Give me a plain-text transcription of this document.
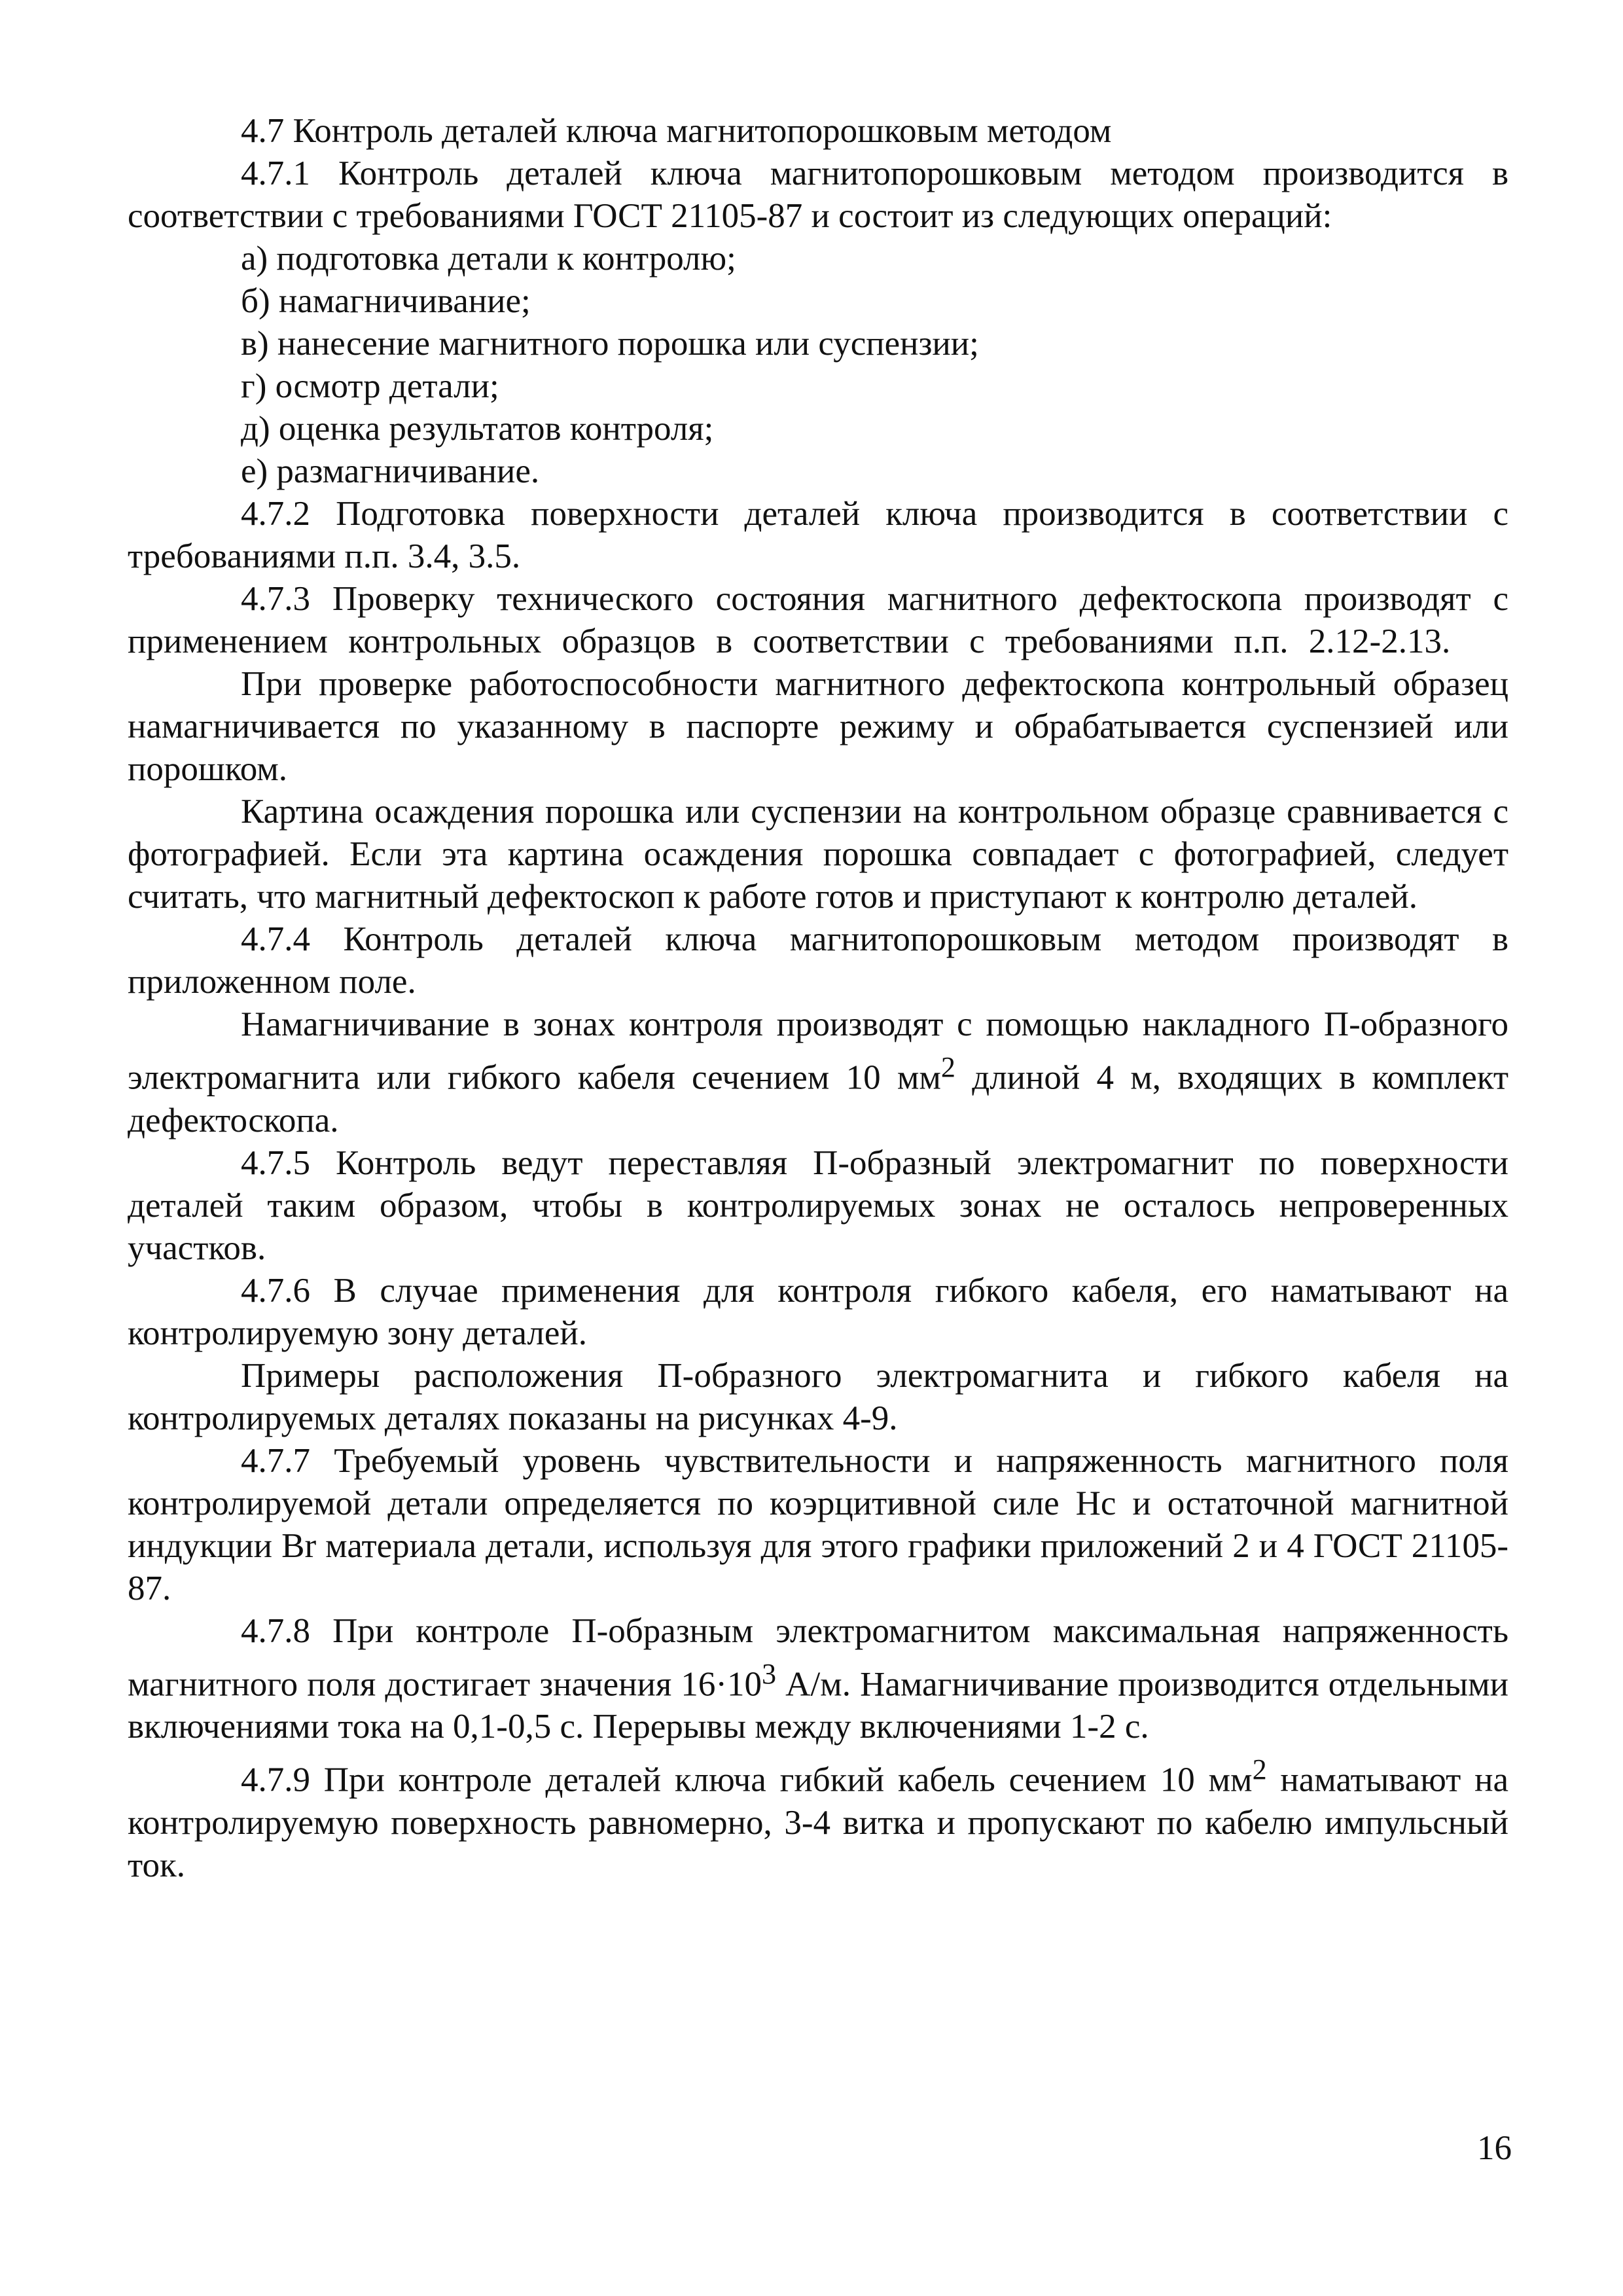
4.7 Контроль деталей ключа магнитопорошковым методом

4.7.1 Контроль деталей ключа магнитопорошковым методом производится в соответствии с требованиями ГОСТ 21105-87 и состоит из следующих операций:

а) подготовка детали к контролю;

б) намагничивание;

в) нанесение магнитного порошка или суспензии;

г) осмотр детали;

д) оценка результатов контроля;

е) размагничивание.

4.7.2 Подготовка поверхности деталей ключа производится в соответствии с требованиями п.п. 3.4, 3.5.

4.7.3 Проверку технического состояния магнитного дефектоскопа производят с применением контрольных образцов в соответствии с требованиями п.п. 2.12-2.13.

При проверке работоспособности магнитного дефектоскопа контрольный образец намагничивается по указанному в паспорте режиму и обрабатывается суспензией или порошком.

Картина осаждения порошка или суспензии на контрольном образце сравнивается с фотографией. Если эта картина осаждения порошка совпадает с фотографией, следует считать, что магнитный дефектоскоп к работе готов и приступают к контролю деталей.

4.7.4 Контроль деталей ключа магнитопорошковым методом производят в приложенном поле.

Намагничивание в зонах контроля производят с помощью накладного П-образного электромагнита или гибкого кабеля сечением 10 $мм^2$ длиной 4 м, входящих в комплект дефектоскопа.

4.7.5 Контроль ведут переставляя П-образный электромагнит по поверхности деталей таким образом, чтобы в контролируемых зонах не осталось непроверенных участков.

4.7.6 В случае применения для контроля гибкого кабеля, его наматывают на контролируемую зону деталей.

Примеры расположения П-образного электромагнита и гибкого кабеля на контролируемых деталях показаны на рисунках 4-9.

4.7.7 Требуемый уровень чувствительности и напряженность магнитного поля контролируемой детали определяется по коэрцитивной силе Нс и остаточной магнитной индукции Br материала детали, используя для этого графики приложений 2 и 4 ГОСТ 21105-87.

4.7.8 При контроле П-образным электромагнитом максимальная напряженность магнитного поля достигает значения $16\cdot 10^3$ А/м. Намагничивание производится отдельными включениями тока на 0,1-0,5 с. Перерывы между включениями 1-2 с.

4.7.9 При контроле деталей ключа гибкий кабель сечением 10 $мм^2$ наматывают на контролируемую поверхность равномерно, 3-4 витка и пропускают по кабелю импульсный ток.

16
